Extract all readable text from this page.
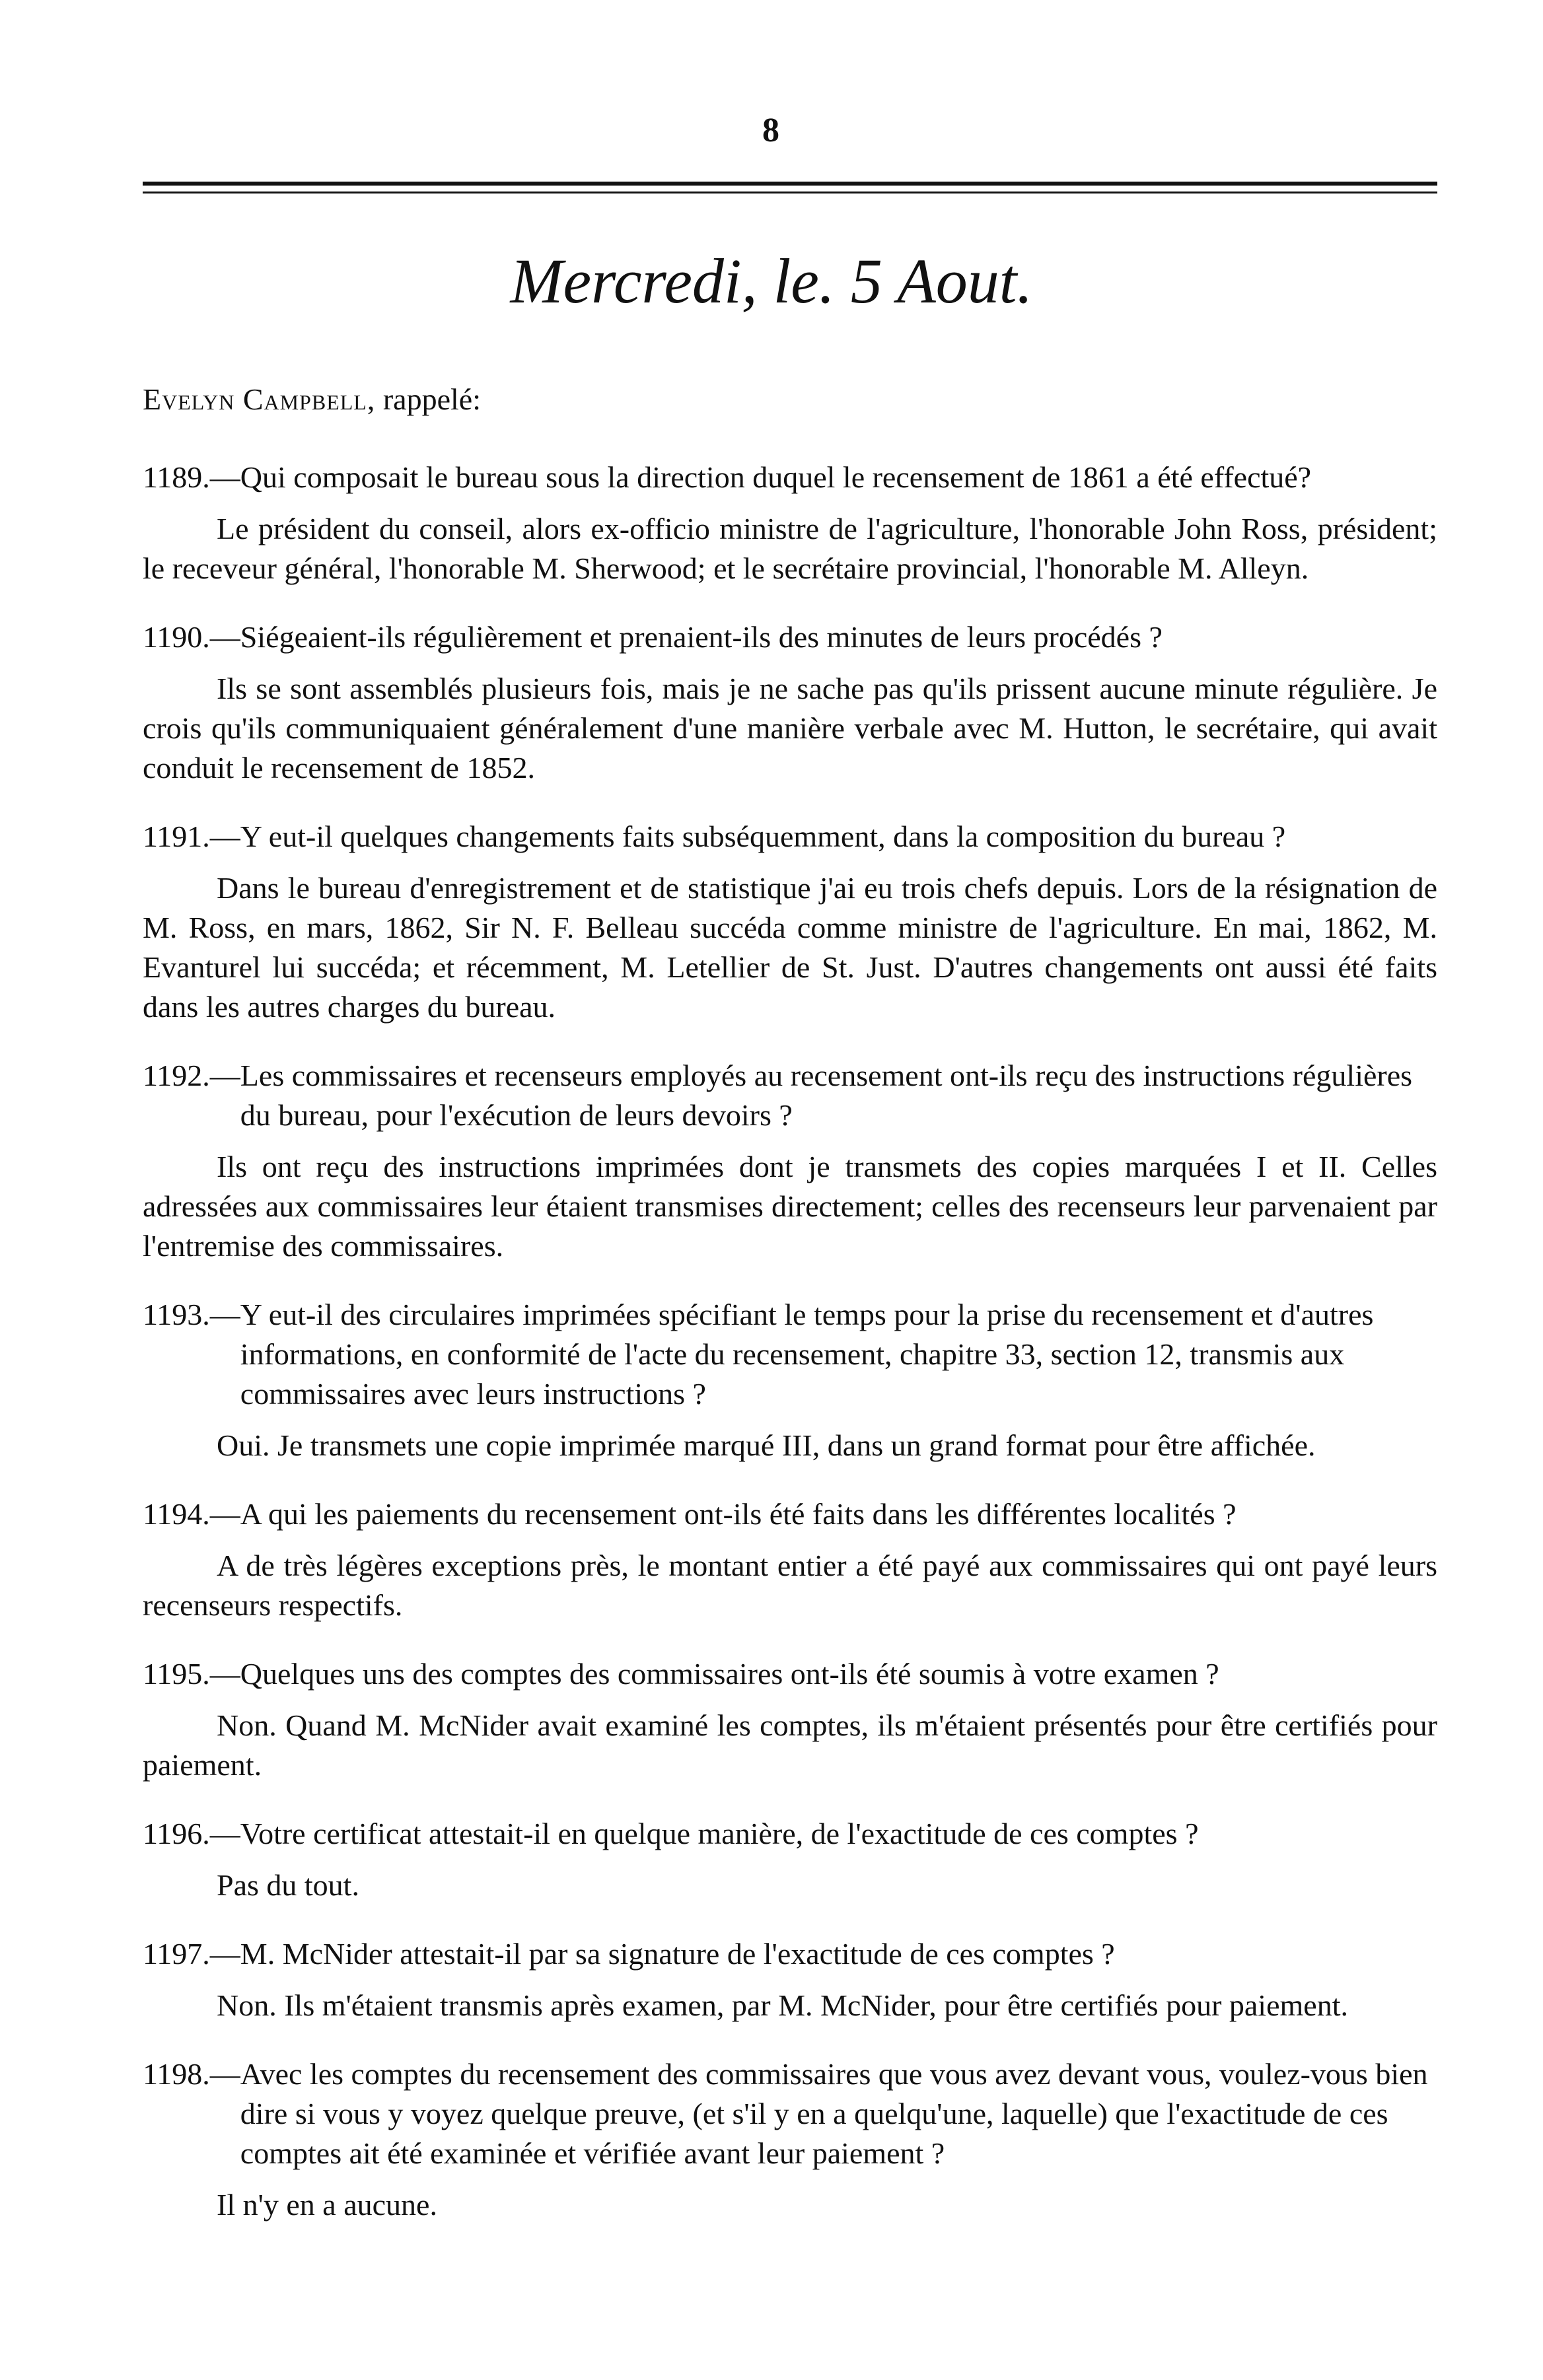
8
Mercredi, le. 5 Aout.
Evelyn Campbell, rappelé:
1189.— Qui composait le bureau sous la direction duquel le recensement de 1861 a été effectué?
Le président du conseil, alors ex-officio ministre de l'agriculture, l'honorable John Ross, président; le receveur général, l'honorable M. Sherwood; et le secrétaire provincial, l'honorable M. Alleyn.
1190.— Siégeaient-ils régulièrement et prenaient-ils des minutes de leurs procédés ?
Ils se sont assemblés plusieurs fois, mais je ne sache pas qu'ils prissent aucune minute régulière. Je crois qu'ils communiquaient généralement d'une manière verbale avec M. Hutton, le secrétaire, qui avait conduit le recensement de 1852.
1191.— Y eut-il quelques changements faits subséquemment, dans la composition du bureau ?
Dans le bureau d'enregistrement et de statistique j'ai eu trois chefs depuis. Lors de la résignation de M. Ross, en mars, 1862, Sir N. F. Belleau succéda comme ministre de l'agriculture. En mai, 1862, M. Evanturel lui succéda; et récemment, M. Letellier de St. Just. D'autres changements ont aussi été faits dans les autres charges du bureau.
1192.— Les commissaires et recenseurs employés au recensement ont-ils reçu des instructions régulières du bureau, pour l'exécution de leurs devoirs ?
Ils ont reçu des instructions imprimées dont je transmets des copies marquées I et II. Celles adressées aux commissaires leur étaient transmises directement; celles des recenseurs leur parvenaient par l'entremise des commissaires.
1193.— Y eut-il des circulaires imprimées spécifiant le temps pour la prise du recensement et d'autres informations, en conformité de l'acte du recensement, chapitre 33, section 12, transmis aux commissaires avec leurs instructions ?
Oui. Je transmets une copie imprimée marqué III, dans un grand format pour être affichée.
1194.— A qui les paiements du recensement ont-ils été faits dans les différentes localités ?
A de très légères exceptions près, le montant entier a été payé aux commissaires qui ont payé leurs recenseurs respectifs.
1195.— Quelques uns des comptes des commissaires ont-ils été soumis à votre examen ?
Non. Quand M. McNider avait examiné les comptes, ils m'étaient présentés pour être certifiés pour paiement.
1196.— Votre certificat attestait-il en quelque manière, de l'exactitude de ces comptes ?
Pas du tout.
1197.— M. McNider attestait-il par sa signature de l'exactitude de ces comptes ?
Non. Ils m'étaient transmis après examen, par M. McNider, pour être certifiés pour paiement.
1198.— Avec les comptes du recensement des commissaires que vous avez devant vous, voulez-vous bien dire si vous y voyez quelque preuve, (et s'il y en a quelqu'une, laquelle) que l'exactitude de ces comptes ait été examinée et vérifiée avant leur paiement ?
Il n'y en a aucune.
